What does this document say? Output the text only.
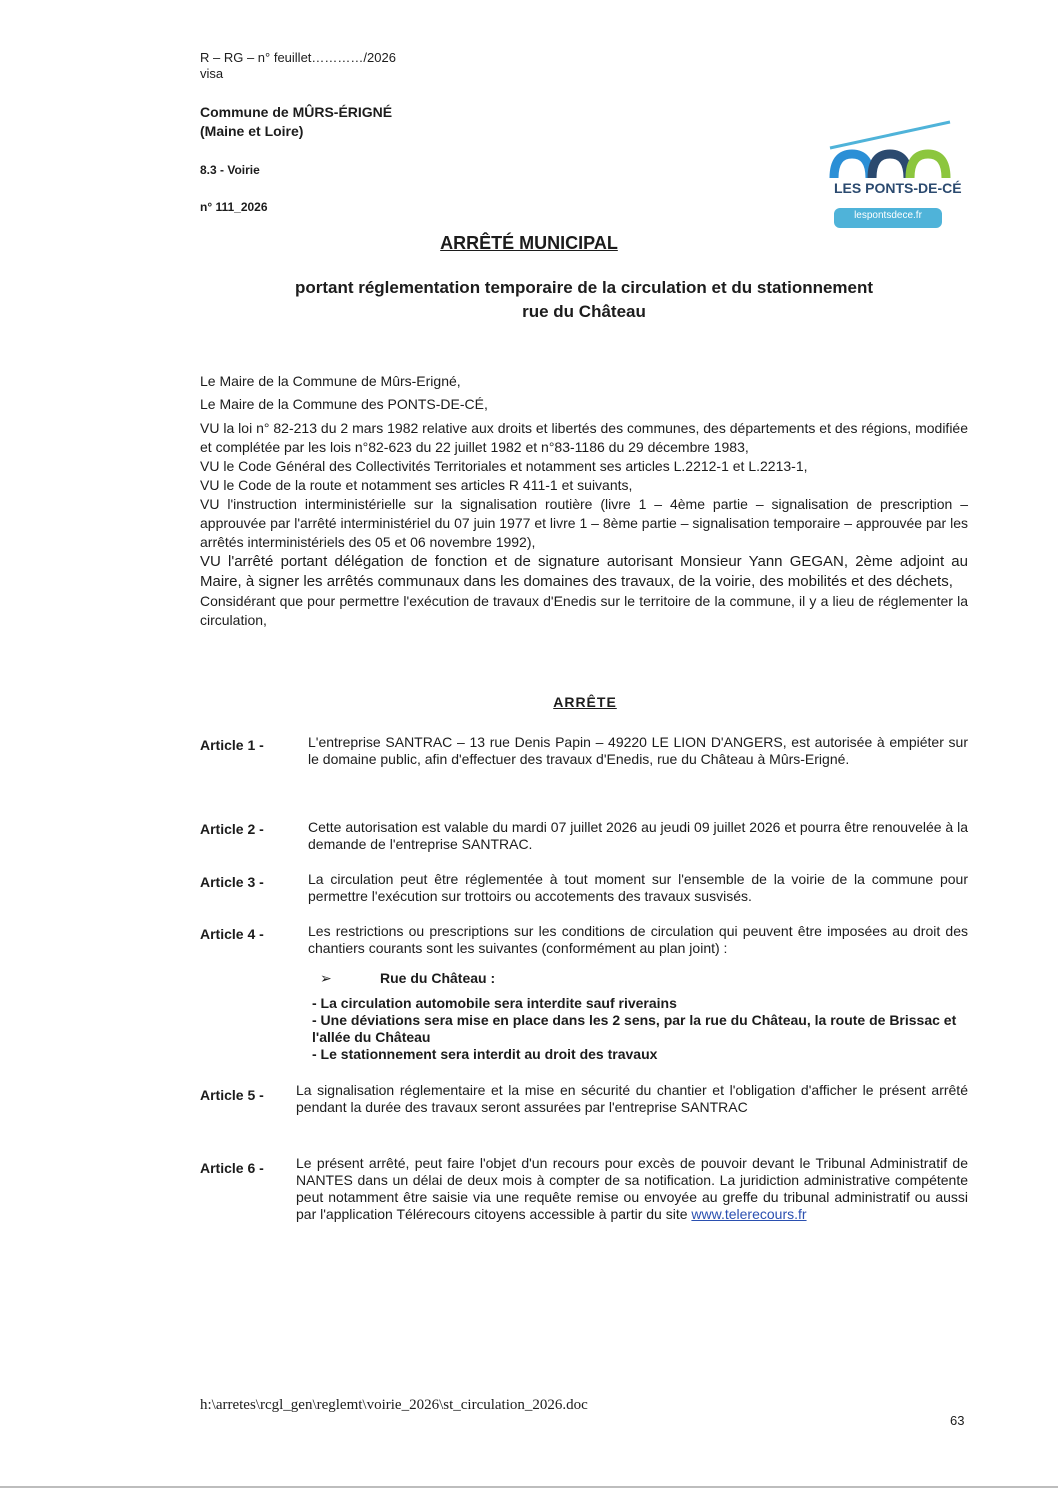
R – RG – n° feuillet…………/2026
visa
Commune de MÛRS-ÉRIGNÉ
(Maine et Loire)
8.3 - Voirie
n° 111_2026
LES PONTS-DE-CÉ
lespontsdece.fr
ARRÊTÉ MUNICIPAL
portant réglementation temporaire de la circulation et du stationnement
rue du Château

Le Maire de la Commune de Mûrs-Erigné,

Le Maire de la Commune des PONTS-DE-CÉ,

VU la loi n° 82-213 du 2 mars 1982 relative aux droits et libertés des communes, des départements et des régions, modifiée et complétée par les lois n°82-623 du 22 juillet 1982 et n°83-1186 du 29 décembre 1983,

VU le Code Général des Collectivités Territoriales et notamment ses articles L.2212-1 et L.2213-1,

VU le Code de la route et notamment ses articles R 411-1 et suivants,

VU l'instruction interministérielle sur la signalisation routière (livre 1 – 4ème partie – signalisation de prescription – approuvée par l'arrêté interministériel du 07 juin 1977 et livre 1 – 8ème partie – signalisation temporaire – approuvée par les arrêtés interministériels des 05 et 06 novembre 1992),

VU l'arrêté portant délégation de fonction et de signature autorisant Monsieur Yann GEGAN, 2ème adjoint au Maire, à signer les arrêtés communaux dans les domaines des travaux, de la voirie, des mobilités et des déchets,

Considérant que pour permettre l'exécution de travaux d'Enedis sur le territoire de la commune, il y a lieu de réglementer la circulation,

ARRÊTE
Article 1 -	L'entreprise SANTRAC – 13 rue Denis Papin – 49220 LE LION D'ANGERS, est autorisée à empiéter sur le domaine public, afin d'effectuer des travaux d'Enedis, rue du Château à Mûrs-Erigné.
Article 2 -	Cette autorisation est valable du mardi 07 juillet 2026 au jeudi 09 juillet 2026 et pourra être renouvelée à la demande de l'entreprise SANTRAC.
Article 3 -	La circulation peut être réglementée à tout moment sur l'ensemble de la voirie de la commune pour permettre l'exécution sur trottoirs ou accotements des travaux susvisés.
Article 4 -	Les restrictions ou prescriptions sur les conditions de circulation qui peuvent être imposées au droit des chantiers courants sont les suivantes (conformément au plan joint) :
➢	Rue du Château :
- La circulation automobile sera interdite sauf riverains
- Une déviations sera mise en place dans les 2 sens, par la rue du Château, la route de Brissac et l'allée du Château
- Le stationnement sera interdit au droit des travaux
Article 5 - La signalisation réglementaire et la mise en sécurité du chantier et l'obligation d'afficher le présent arrêté pendant la durée des travaux seront assurées par l'entreprise SANTRAC
Article 6 - Le présent arrêté, peut faire l'objet d'un recours pour excès de pouvoir devant le Tribunal Administratif de NANTES dans un délai de deux mois à compter de sa notification. La juridiction administrative compétente peut notamment être saisie via une requête remise ou envoyée au greffe du tribunal administratif ou aussi par l'application Télérecours citoyens accessible à partir du site www.telerecours.fr
h:\arretes\rcgl_gen\reglemt\voirie_2026\st_circulation_2026.doc
63
